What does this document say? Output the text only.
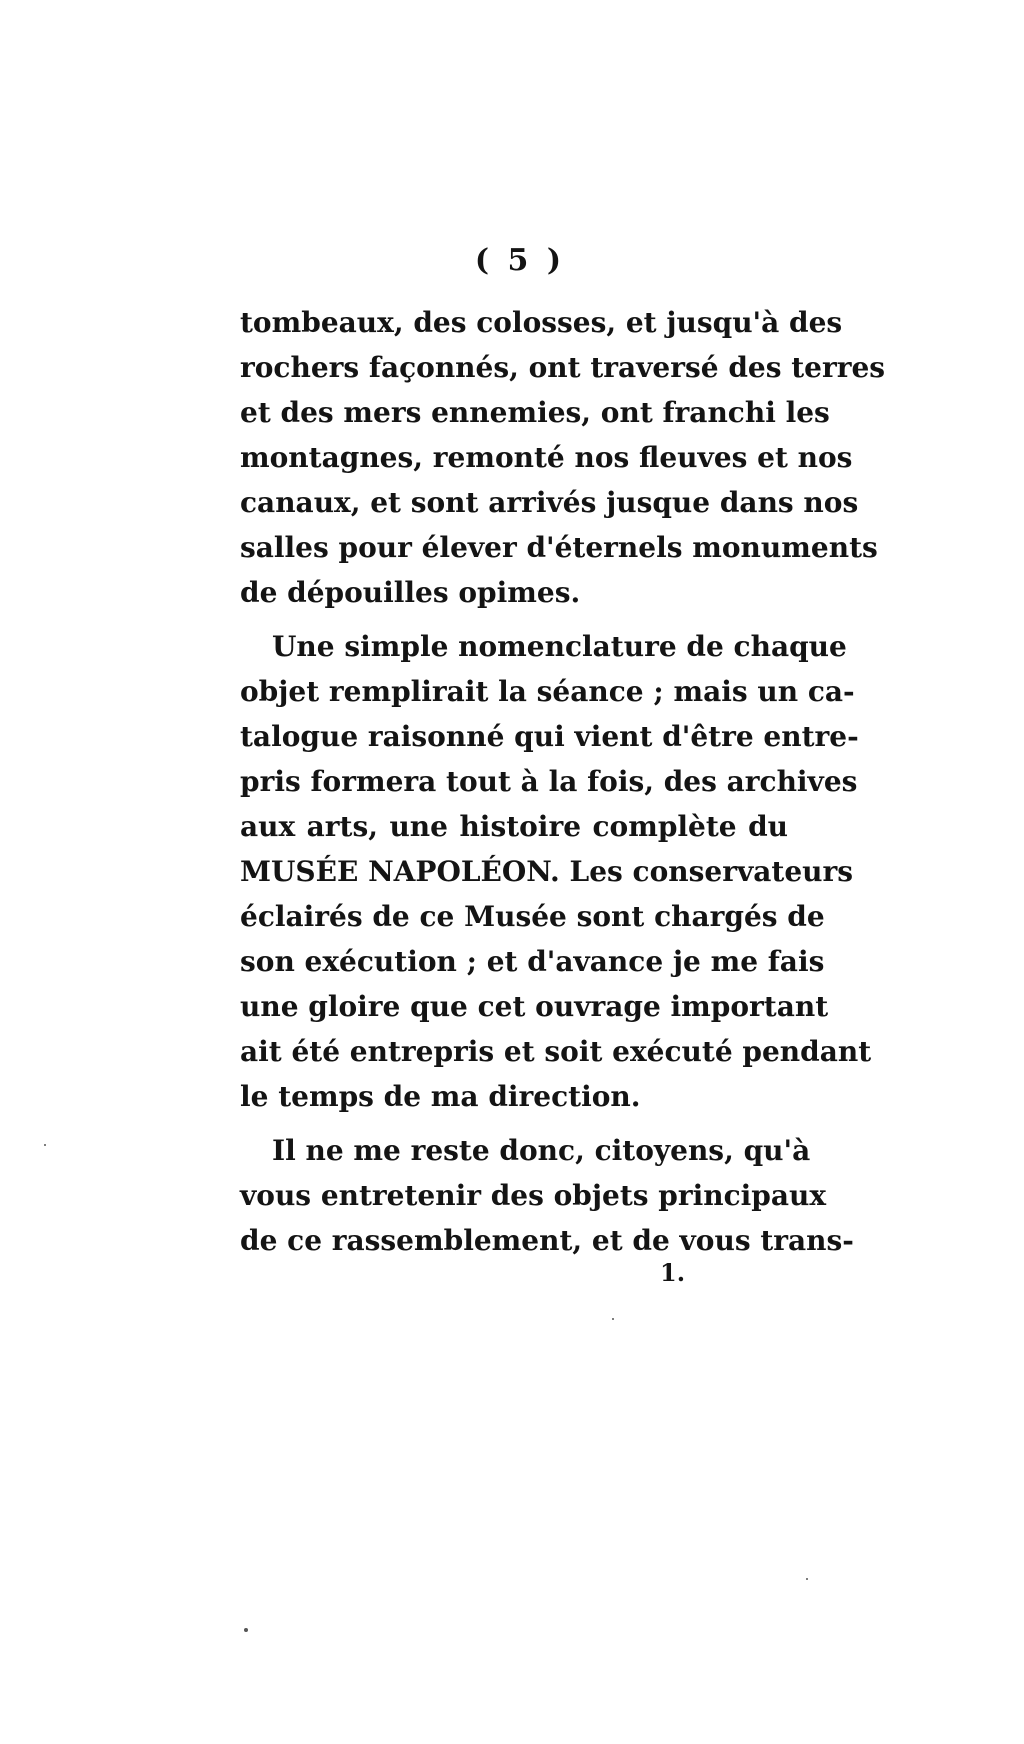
( 5 )
tombeaux, des colosses, et jusqu'à des
rochers façonnés, ont traversé des terres
et des mers ennemies, ont franchi les
montagnes, remonté nos fleuves et nos
canaux, et sont arrivés jusque dans nos
salles pour élever d'éternels monuments
de dépouilles opimes.
Une simple nomenclature de chaque
objet remplirait la séance ; mais un ca-
talogue raisonné qui vient d'être entre-
pris formera tout à la fois, des archives
aux arts, une histoire complète du
MUSÉE NAPOLÉON. Les conservateurs
éclairés de ce Musée sont chargés de
son exécution ; et d'avance je me fais
une gloire que cet ouvrage important
ait été entrepris et soit exécuté pendant
le temps de ma direction.
Il ne me reste donc, citoyens, qu'à
vous entretenir des objets principaux
de ce rassemblement, et de vous trans-
1.
